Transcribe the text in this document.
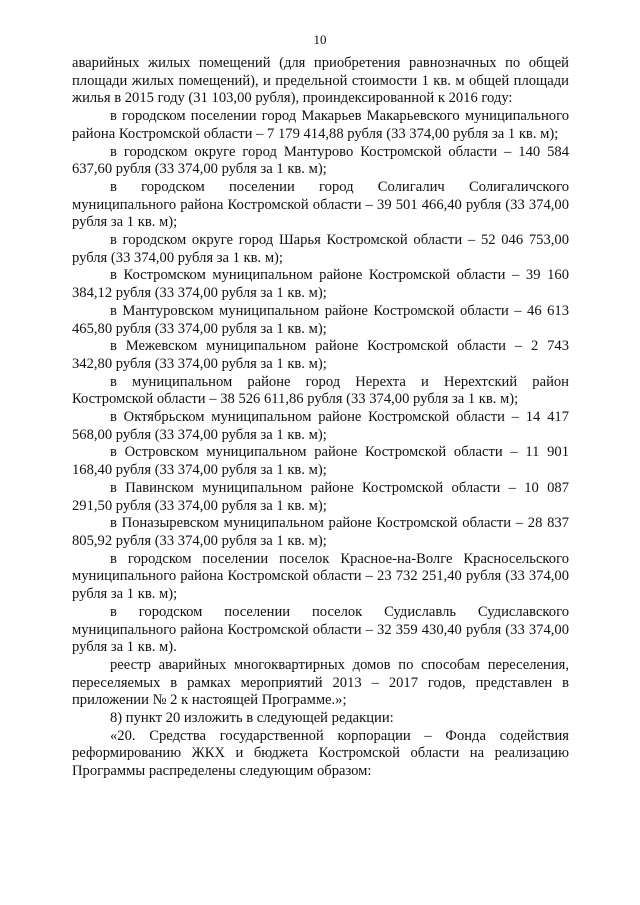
10

аварийных жилых помещений (для приобретения равнозначных по общей площади жилых помещений), и предельной стоимости 1 кв. м общей площади жилья в 2015 году (31 103,00 рубля), проиндексированной к 2016 году:

в городском поселении город Макарьев Макарьевского муниципального района Костромской области – 7 179 414,88 рубля (33 374,00 рубля за 1 кв. м);

в городском округе город Мантурово Костромской области – 140 584 637,60 рубля (33 374,00 рубля за 1 кв. м);

в городском поселении город Солигалич Солигаличского муниципального района Костромской области – 39 501 466,40 рубля (33 374,00 рубля за 1 кв. м);

в городском округе город Шарья Костромской области – 52 046 753,00 рубля (33 374,00 рубля за 1 кв. м);

в Костромском муниципальном районе Костромской области – 39 160 384,12 рубля (33 374,00 рубля за 1 кв. м);

в Мантуровском муниципальном районе Костромской области – 46 613 465,80 рубля (33 374,00 рубля за 1 кв. м);

в Межевском муниципальном районе Костромской области – 2 743 342,80 рубля (33 374,00 рубля за 1 кв. м);

в муниципальном районе город Нерехта и Нерехтский район Костромской области – 38 526 611,86 рубля (33 374,00 рубля за 1 кв. м);

в Октябрьском муниципальном районе Костромской области – 14 417 568,00 рубля (33 374,00 рубля за 1 кв. м);

в Островском муниципальном районе Костромской области – 11 901 168,40 рубля (33 374,00 рубля за 1 кв. м);

в Павинском муниципальном районе Костромской области – 10 087 291,50 рубля (33 374,00 рубля за 1 кв. м);

в Поназыревском муниципальном районе Костромской области – 28 837 805,92 рубля (33 374,00 рубля за 1 кв. м);

в городском поселении поселок Красное-на-Волге Красносельского муниципального района Костромской области – 23 732 251,40 рубля (33 374,00 рубля за 1 кв. м);

в городском поселении поселок Судиславль Судиславского муниципального района Костромской области – 32 359 430,40 рубля (33 374,00 рубля за 1 кв. м).

реестр аварийных многоквартирных домов по способам переселения, переселяемых в рамках мероприятий 2013 – 2017 годов, представлен в приложении № 2 к настоящей Программе.»;

8) пункт 20 изложить в следующей редакции:

«20. Средства государственной корпорации – Фонда содействия реформированию ЖКХ и бюджета Костромской области на реализацию Программы распределены следующим образом:
